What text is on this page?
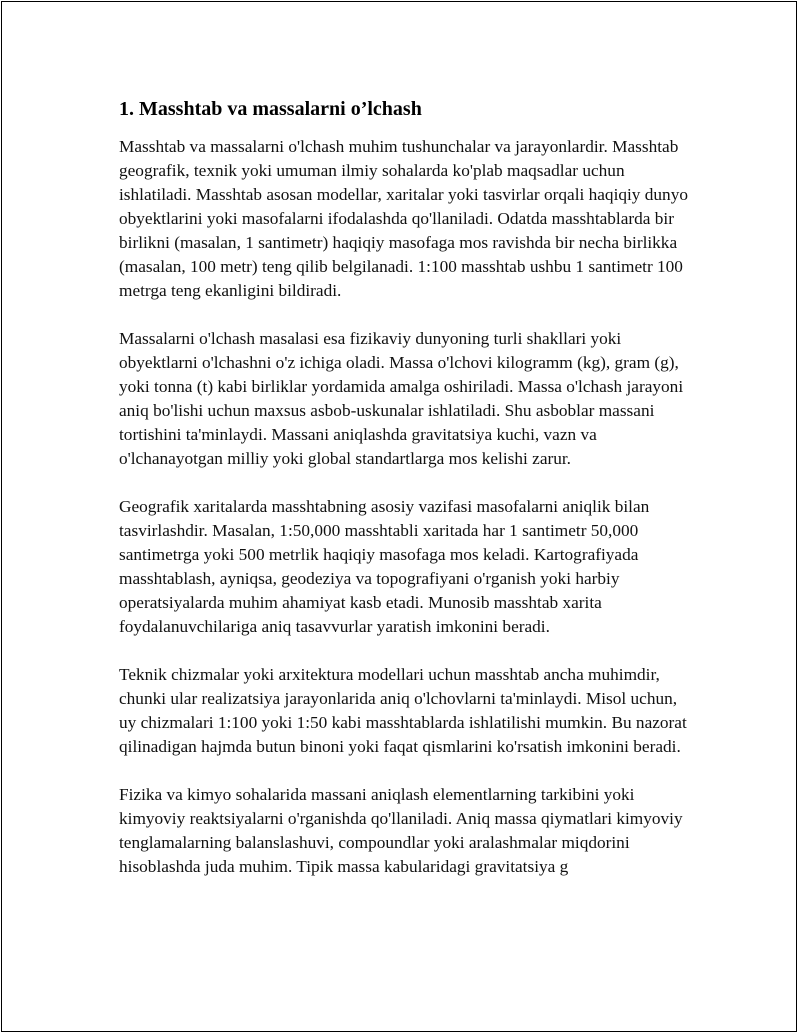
1. Masshtab va massalarni o’lchash

Masshtab va massalarni o'lchash muhim tushunchalar va jarayonlardir. Masshtab geografik, texnik yoki umuman ilmiy sohalarda ko'plab maqsadlar uchun ishlatiladi. Masshtab asosan modellar, xaritalar yoki tasvirlar orqali haqiqiy dunyo obyektlarini yoki masofalarni ifodalashda qo'llaniladi. Odatda masshtablarda bir birlikni (masalan, 1 santimetr) haqiqiy masofaga mos ravishda bir necha birlikka (masalan, 100 metr) teng qilib belgilanadi. 1:100 masshtab ushbu 1 santimetr 100 metrga teng ekanligini bildiradi.

Massalarni o'lchash masalasi esa fizikaviy dunyoning turli shakllari yoki obyektlarni o'lchashni o'z ichiga oladi. Massa o'lchovi kilogramm (kg), gram (g), yoki tonna (t) kabi birliklar yordamida amalga oshiriladi. Massa o'lchash jarayoni aniq bo'lishi uchun maxsus asbob-uskunalar ishlatiladi. Shu asboblar massani tortishini ta'minlaydi. Massani aniqlashda gravitatsiya kuchi, vazn va o'lchanayotgan milliy yoki global standartlarga mos kelishi zarur.

Geografik xaritalarda masshtabning asosiy vazifasi masofalarni aniqlik bilan tasvirlashdir. Masalan, 1:50,000 masshtabli xaritada har 1 santimetr 50,000 santimetrga yoki 500 metrlik haqiqiy masofaga mos keladi. Kartografiyada masshtablash, ayniqsa, geodeziya va topografiyani o'rganish yoki harbiy operatsiyalarda muhim ahamiyat kasb etadi. Munosib masshtab xarita foydalanuvchilariga aniq tasavvurlar yaratish imkonini beradi.

Teknik chizmalar yoki arxitektura modellari uchun masshtab ancha muhimdir, chunki ular realizatsiya jarayonlarida aniq o'lchovlarni ta'minlaydi. Misol uchun, uy chizmalari 1:100 yoki 1:50 kabi masshtablarda ishlatilishi mumkin. Bu nazorat qilinadigan hajmda butun binoni yoki faqat qismlarini ko'rsatish imkonini beradi.

Fizika va kimyo sohalarida massani aniqlash elementlarning tarkibini yoki kimyoviy reaktsiyalarni o'rganishda qo'llaniladi. Aniq massa qiymatlari kimyoviy tenglamalarning balanslashuvi, compoundlar yoki aralashmalar miqdorini hisoblashda juda muhim. Tipik massa kabularidagi gravitatsiya g
